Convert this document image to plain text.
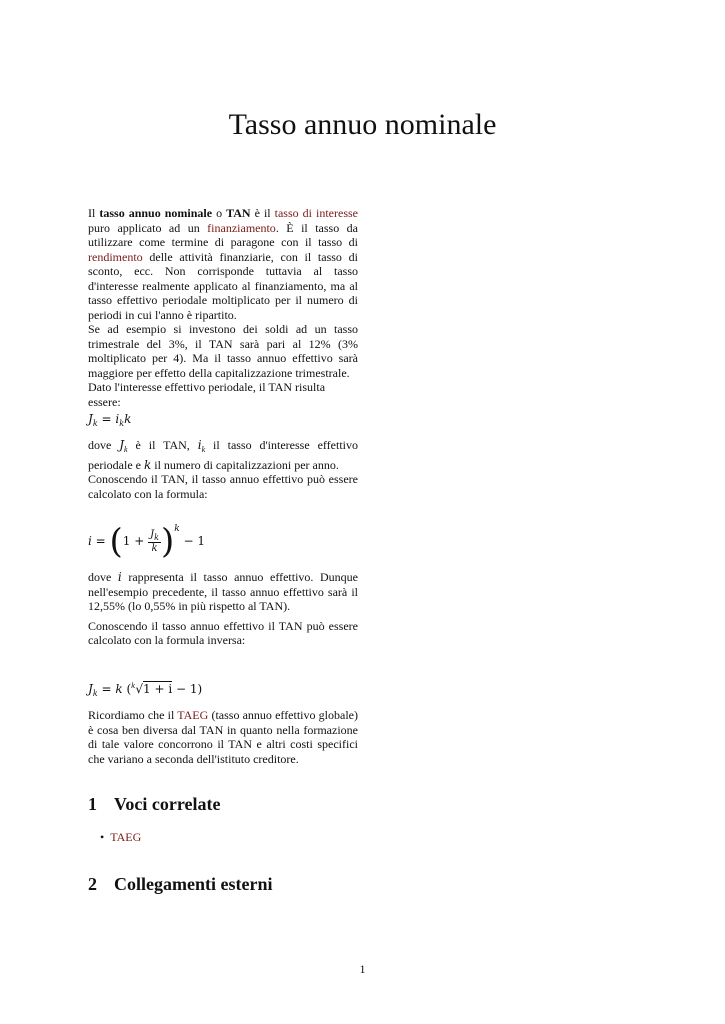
Tasso annuo nominale

Il tasso annuo nominale o TAN è il tasso di interesse puro applicato ad un finanziamento. È il tasso da utilizzare come termine di paragone con il tasso di rendimento delle attività finanziarie, con il tasso di sconto, ecc. Non corrisponde tuttavia al tasso d'interesse realmente applicato al finanziamento, ma al tasso effettivo periodale moltiplicato per il numero di periodi in cui l'anno è ripartito.

Se ad esempio si investono dei soldi ad un tasso trimestrale del 3%, il TAN sarà pari al 12% (3% moltiplicato per 4). Ma il tasso annuo effettivo sarà maggiore per effetto della capitalizzazione trimestrale.

Dato l'interesse effettivo periodale, il TAN risulta essere:

$J_k = i_kk$

dove $J_k$ è il TAN, $i_k$ il tasso d'interesse effettivo periodale e k il numero di capitalizzazioni per anno.

Conoscendo il TAN, il tasso annuo effettivo può essere calcolato con la formula:

$i = (1 + \frac{J_k}{k} )^k - 1$

dove i rappresenta il tasso annuo effettivo. Dunque nell'esempio precedente, il tasso annuo effettivo sarà il 12,55% (lo 0,55% in più rispetto al TAN).

Conoscendo il tasso annuo effettivo il TAN può essere calcolato con la formula inversa:

$J_k = k$ ($^k$√1 + i − 1)

Ricordiamo che il TAEG (tasso annuo effettivo globale) è cosa ben diversa dal TAN in quanto nella formazione di tale valore concorrono il TAN e altri costi specifici che variano a seconda dell'istituto creditore.

1 Voci correlate
• TAEG
2 Collegamenti esterni
1
